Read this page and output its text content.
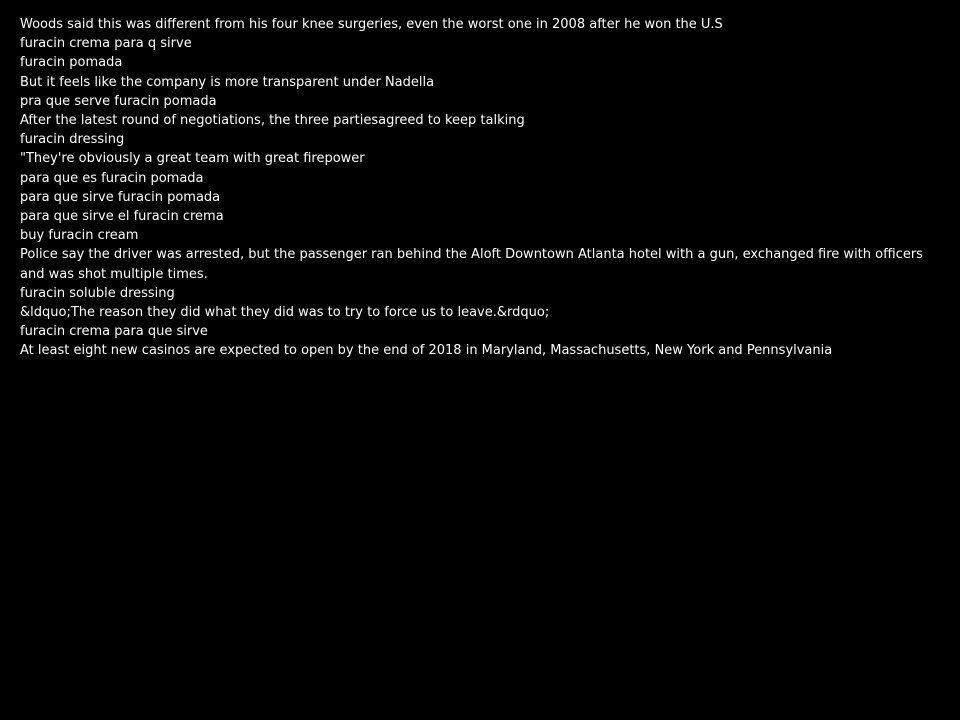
Woods said this was different from his four knee surgeries, even the worst one in 2008 after he won the U.S

furacin crema para q sirve

furacin pomada

But it feels like the company is more transparent under Nadella

pra que serve furacin pomada

After the latest round of negotiations, the three partiesagreed to keep talking

furacin dressing

"They're obviously a great team with great firepower

para que es furacin pomada

para que sirve furacin pomada

para que sirve el furacin crema

buy furacin cream

Police say the driver was arrested, but the passenger ran behind the Aloft Downtown Atlanta hotel with a gun, exchanged fire with officers and was shot multiple times.

furacin soluble dressing

&ldquo;The reason they did what they did was to try to force us to leave.&rdquo;

furacin crema para que sirve

At least eight new casinos are expected to open by the end of 2018 in Maryland, Massachusetts, New York and Pennsylvania
